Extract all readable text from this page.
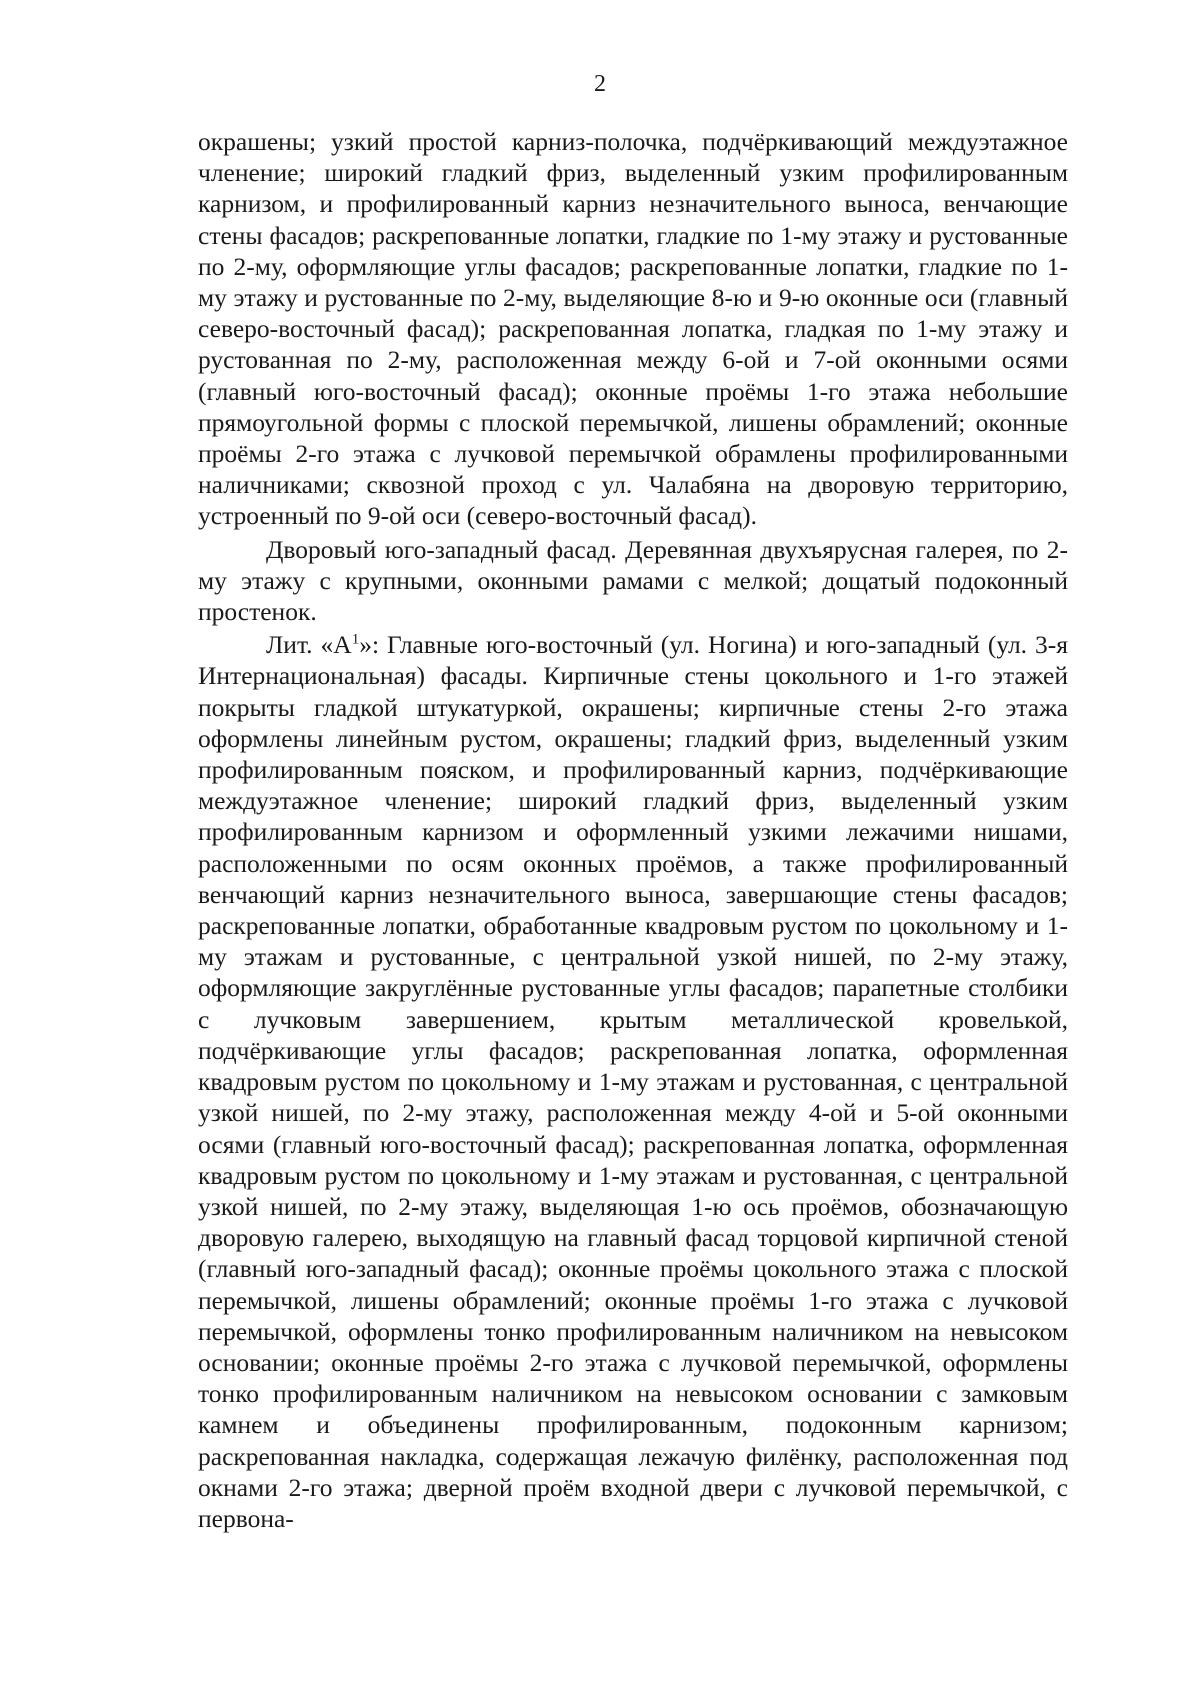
2

окрашены; узкий простой карниз-полочка, подчёркивающий междуэтажное членение; широкий гладкий фриз, выделенный узким профилированным карнизом, и профилированный карниз незначительного выноса, венчающие стены фасадов; раскрепованные лопатки, гладкие по 1-му этажу и рустованные по 2-му, оформляющие углы фасадов; раскрепованные лопатки, гладкие по 1-му этажу и рустованные по 2-му, выделяющие 8-ю и 9-ю оконные оси (главный северо-восточный фасад); раскрепованная лопатка, гладкая по 1-му этажу и рустованная по 2-му, расположенная между 6-ой и 7-ой оконными осями (главный юго-восточный фасад); оконные проёмы 1-го этажа небольшие прямоугольной формы с плоской перемычкой, лишены обрамлений; оконные проёмы 2-го этажа с лучковой перемычкой обрамлены профилированными наличниками; сквозной проход с ул. Чалабяна на дворовую территорию, устроенный по 9-ой оси (северо-восточный фасад).

Дворовый юго-западный фасад. Деревянная двухъярусная галерея, по 2-му этажу с крупными, оконными рамами с мелкой; дощатый подоконный простенок.

Лит. «$А^1$»: Главные юго-восточный (ул. Ногина) и юго-западный (ул. 3-я Интернациональная) фасады. Кирпичные стены цокольного и 1-го этажей покрыты гладкой штукатуркой, окрашены; кирпичные стены 2-го этажа оформлены линейным рустом, окрашены; гладкий фриз, выделенный узким профилированным пояском, и профилированный карниз, подчёркивающие междуэтажное членение; широкий гладкий фриз, выделенный узким профилированным карнизом и оформленный узкими лежачими нишами, расположенными по осям оконных проёмов, а также профилированный венчающий карниз незначительного выноса, завершающие стены фасадов; раскрепованные лопатки, обработанные квадровым рустом по цокольному и 1-му этажам и рустованные, с центральной узкой нишей, по 2-му этажу, оформляющие закруглённые рустованные углы фасадов; парапетные столбики с лучковым завершением, крытым металлической кровелькой, подчёркивающие углы фасадов; раскрепованная лопатка, оформленная квадровым рустом по цокольному и 1-му этажам и рустованная, с центральной узкой нишей, по 2-му этажу, расположенная между 4-ой и 5-ой оконными осями (главный юго-восточный фасад); раскрепованная лопатка, оформленная квадровым рустом по цокольному и 1-му этажам и рустованная, с центральной узкой нишей, по 2-му этажу, выделяющая 1-ю ось проёмов, обозначающую дворовую галерею, выходящую на главный фасад торцовой кирпичной стеной (главный юго-западный фасад); оконные проёмы цокольного этажа с плоской перемычкой, лишены обрамлений; оконные проёмы 1-го этажа с лучковой перемычкой, оформлены тонко профилированным наличником на невысоком основании; оконные проёмы 2-го этажа с лучковой перемычкой, оформлены тонко профилированным наличником на невысоком основании с замковым камнем и объединены профилированным, подоконным карнизом; раскрепованная накладка, содержащая лежачую филёнку, расположенная под окнами 2-го этажа; дверной проём входной двери с лучковой перемычкой, с первона-
